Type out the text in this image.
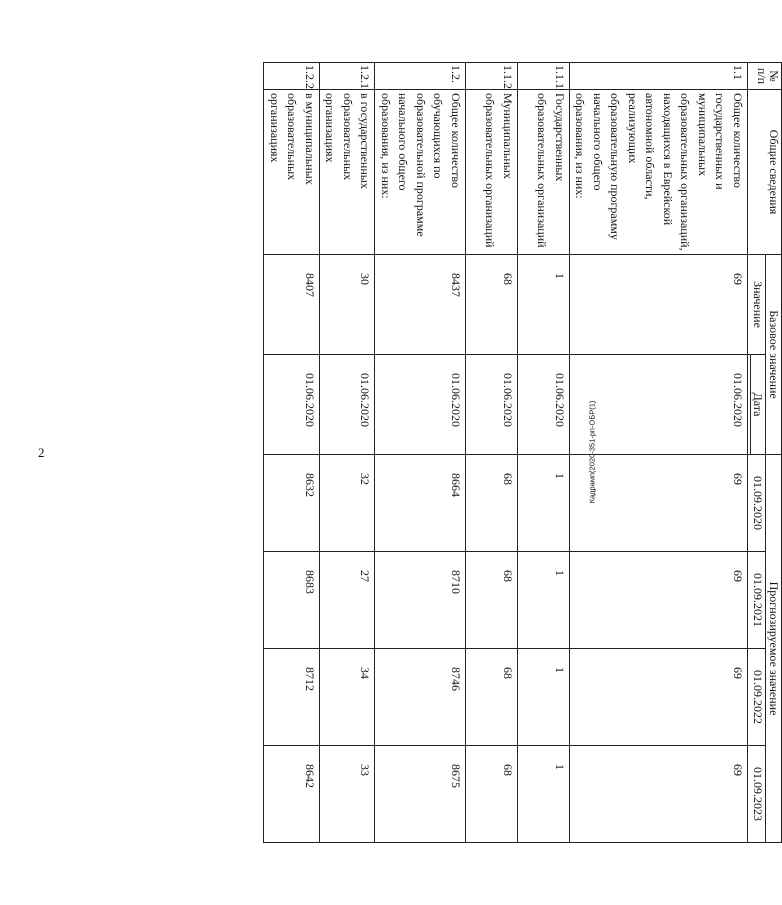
2	Кадрамп(2020-351-рп-ОБР(1)
№
п/п	Общие сведения	Базовое значение		Прогнозируемое значение			
		Значение	Дата	01.09.2020	01.09.2021	01.09.2022	01.09.2023

1.1	Общее количество государственных и муниципальных образовательных организаций, находящихся в Еврейской автономной области, реализующих образовательную программу начального общего образования, из них:	69	01.06.2020	69	69	69	69
1.1.1	Государственных образовательных организаций	1	01.06.2020	1	1	1	1
1.1.2	Муниципальных образовательных организаций	68	01.06.2020	68	68	68	68
1.2.	Общее количество обучающихся по образовательной программе начального общего образования, из них:	8437	01.06.2020	8664	8710	8746	8675
1.2.1	в государственных образовательных организациях	30	01.06.2020	32	27	34	33
1.2.2	в муниципальных образовательных организациях	8407	01.06.2020	8632	8683	8712	8642
